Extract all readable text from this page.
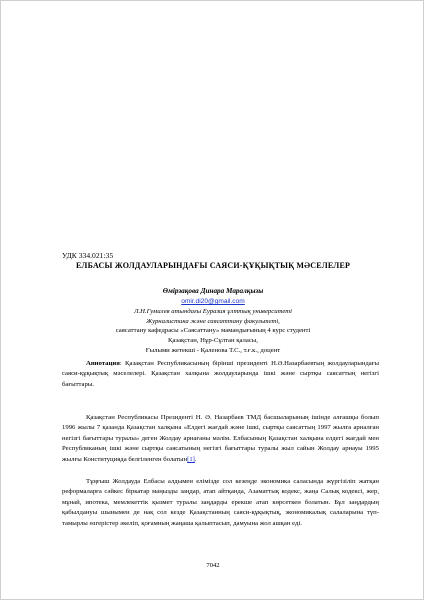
УДК 334.021:35
ЕЛБАСЫ ЖОЛДАУЛАРЫНДАҒЫ САЯСИ-ҚҰҚЫҚТЫҚ МӘСЕЛЕЛЕР
Өмірзақова Динара Маралқызы
omir.di20@gmail.com
Л.Н.Гумилев атындағы Еуразия ұлттық университеті
Журналистика және саясаттану факультеті,
саясаттану кафедрасы «Саясаттану» мамандығының 4 курс студенті
Қазақстан, Нұр-Сұлтан қаласы,
Ғылыми жетекші - Қаленова Т.С., т.ғ.к., доцент
Аннотация: Қазақстан Республикасының бірінші президенті Н.Ә.Назарбаевтың жолдауларындағы саяси-құқықтық мәселелері. Қазақстан халқына жолдауларында ішкі және сыртқы саясаттың негізгі бағыттары.
Қазақстан Республикасы Президенті Н. Ә. Назарбаев ТМД басшыларының ішінде алғашқы болып 1996 жылы 7 қазанда Қазақстан халқына «Елдегі жағдай және ішкі, сыртқы саясаттың 1997 жылға арналған негізгі бағыттары туралы» деген Жолдау арнағаны мәлім. Елбасының Қазақстан халқына елдегі жағдай мен Республиканың ішкі және сыртқы саясатының негізгі бағыттары туралы жыл сайын Жолдау арнауы 1995 жылғы Конституцияда белгіленген болатын[1].
Тұңғыш Жолдауда Елбасы алдымен еліміздe сол кезеңде экономика саласында жүргізіліп жатқан реформаларға сәйкес біркатар маңызды заңдар, атап айтқанда, Азаматтық кодекс, жаңа Салық кодексі, жер, мұнай, ипотека, мемлекеттік қызмет туралы заңдарды ерекше атап көрсеткен болатын. Бұл заңдардың қабылдануы шынымен де нақ сол кезде Қазақстанның саяси-құқықтық, экономикалық салаларына түп-тамырлы өзгерістер әкеліп, қоғамның жаңаша қалыптасып, дамуына жол ашқан еді.
7042
